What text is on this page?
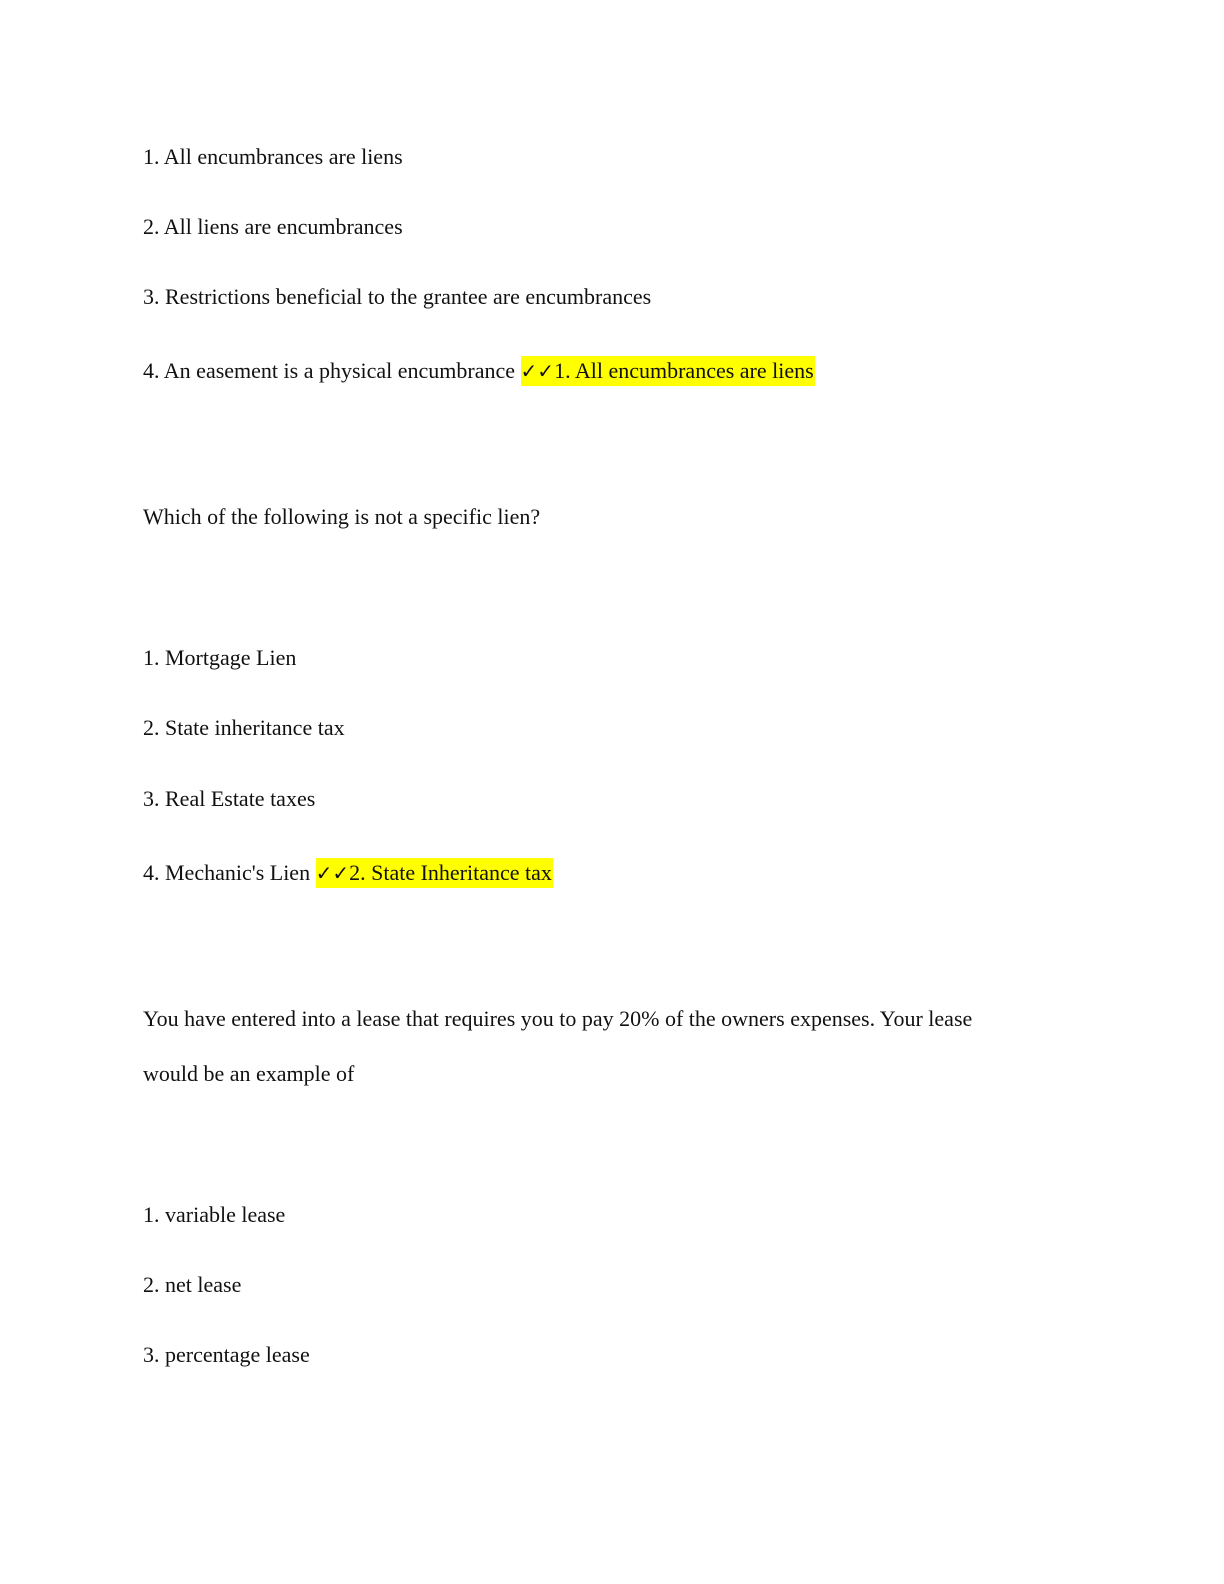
1. All encumbrances are liens
2. All liens are encumbrances
3. Restrictions beneficial to the grantee are encumbrances
4. An easement is a physical encumbrance ✓✓1. All encumbrances are liens
Which of the following is not a specific lien?
1. Mortgage Lien
2. State inheritance tax
3. Real Estate taxes
4. Mechanic's Lien ✓✓2. State Inheritance tax
You have entered into a lease that requires you to pay 20% of the owners expenses. Your lease
would be an example of
1. variable lease
2. net lease
3. percentage lease
